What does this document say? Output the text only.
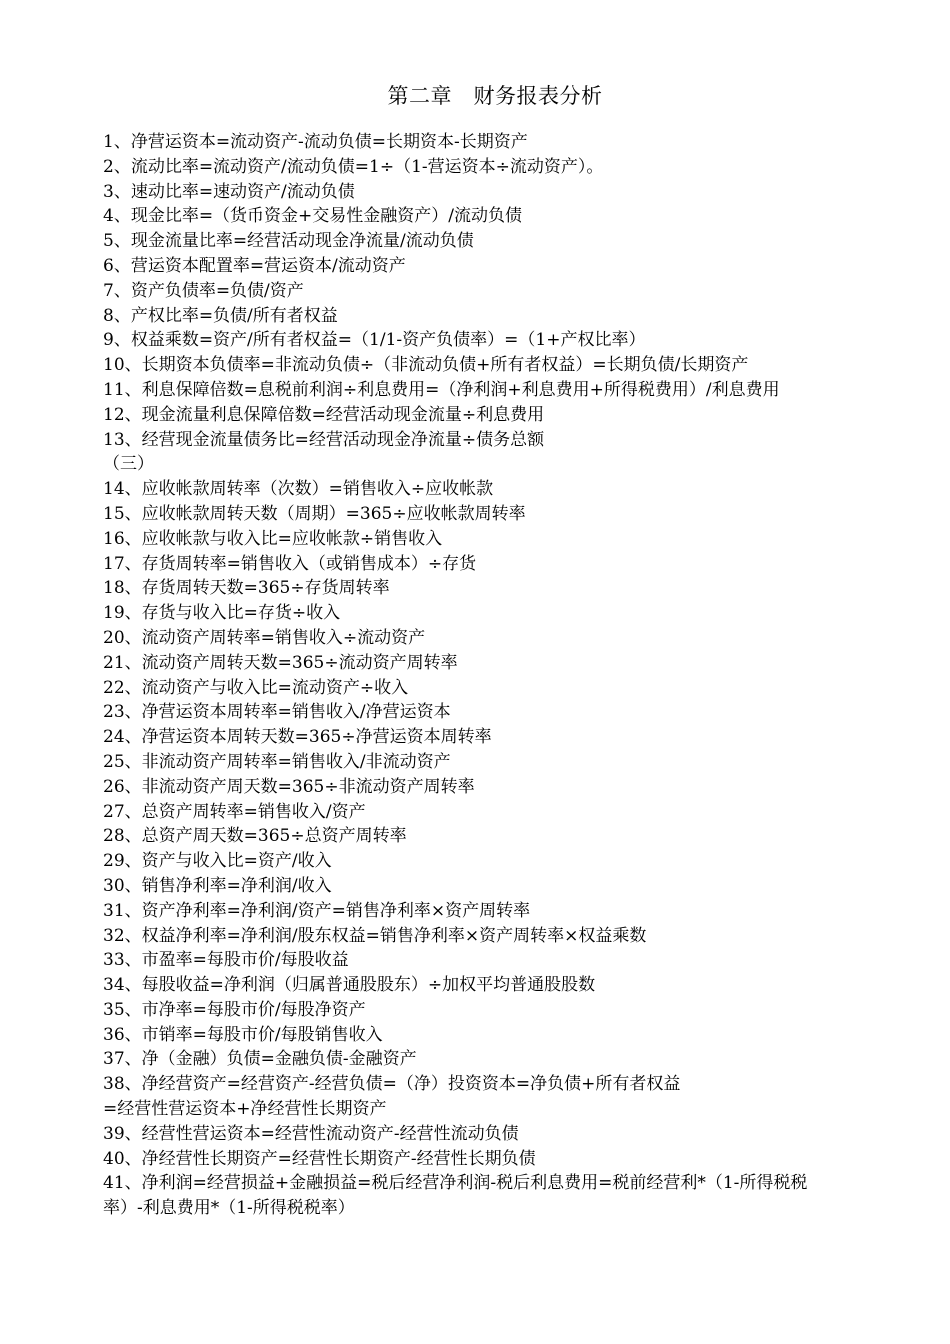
第二章　财务报表分析
1、净营运资本=流动资产-流动负债=长期资本-长期资产
2、流动比率=流动资产/流动负债=1÷（1-营运资本÷流动资产）。
3、速动比率=速动资产/流动负债
4、现金比率=（货币资金+交易性金融资产）/流动负债
5、现金流量比率=经营活动现金净流量/流动负债
6、营运资本配置率=营运资本/流动资产
7、资产负债率=负债/资产
8、产权比率=负债/所有者权益
9、权益乘数=资产/所有者权益=（1/1-资产负债率）=（1+产权比率）
10、长期资本负债率=非流动负债÷（非流动负债+所有者权益）=长期负债/长期资产
11、利息保障倍数=息税前利润÷利息费用=（净利润+利息费用+所得税费用）/利息费用
12、现金流量利息保障倍数=经营活动现金流量÷利息费用
13、经营现金流量债务比=经营活动现金净流量÷债务总额
（三）
14、应收帐款周转率（次数）=销售收入÷应收帐款
15、应收帐款周转天数（周期）=365÷应收帐款周转率
16、应收帐款与收入比=应收帐款÷销售收入
17、存货周转率=销售收入（或销售成本）÷存货
18、存货周转天数=365÷存货周转率
19、存货与收入比=存货÷收入
20、流动资产周转率=销售收入÷流动资产
21、流动资产周转天数=365÷流动资产周转率
22、流动资产与收入比=流动资产÷收入
23、净营运资本周转率=销售收入/净营运资本
24、净营运资本周转天数=365÷净营运资本周转率
25、非流动资产周转率=销售收入/非流动资产
26、非流动资产周天数=365÷非流动资产周转率
27、总资产周转率=销售收入/资产
28、总资产周天数=365÷总资产周转率
29、资产与收入比=资产/收入
30、销售净利率=净利润/收入
31、资产净利率=净利润/资产=销售净利率×资产周转率
32、权益净利率=净利润/股东权益=销售净利率×资产周转率×权益乘数
33、市盈率=每股市价/每股收益
34、每股收益=净利润（归属普通股股东）÷加权平均普通股股数
35、市净率=每股市价/每股净资产
36、市销率=每股市价/每股销售收入
37、净（金融）负债=金融负债-金融资产
38、净经营资产=经营资产-经营负债=（净）投资资本=净负债+所有者权益
=经营性营运资本+净经营性长期资产
39、经营性营运资本=经营性流动资产-经营性流动负债
40、净经营性长期资产=经营性长期资产-经营性长期负债
41、净利润=经营损益+金融损益=税后经营净利润-税后利息费用=税前经营利*（1-所得税税
率）-利息费用*（1-所得税税率）
